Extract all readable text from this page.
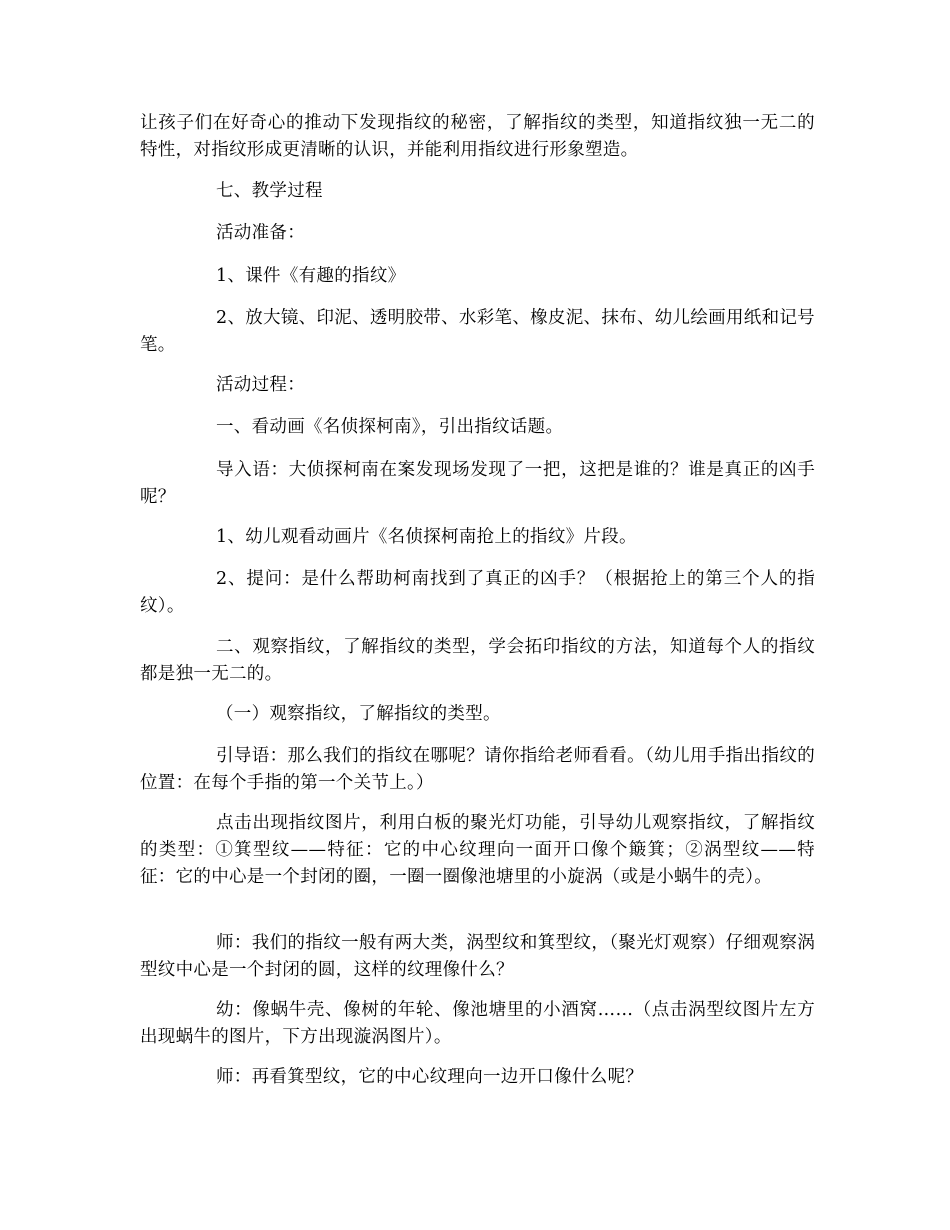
让孩子们在好奇心的推动下发现指纹的秘密，了解指纹的类型，知道指纹独一无二的特性，对指纹形成更清晰的认识，并能利用指纹进行形象塑造。

七、教学过程

活动准备：

1、课件《有趣的指纹》

2、放大镜、印泥、透明胶带、水彩笔、橡皮泥、抹布、幼儿绘画用纸和记号笔。

活动过程：

一、看动画《名侦探柯南》，引出指纹话题。

导入语：大侦探柯南在案发现场发现了一把，这把是谁的？谁是真正的凶手呢？

1、幼儿观看动画片《名侦探柯南抢上的指纹》片段。

2、提问：是什么帮助柯南找到了真正的凶手？（根据抢上的第三个人的指纹）。

二、观察指纹，了解指纹的类型，学会拓印指纹的方法，知道每个人的指纹都是独一无二的。

（一）观察指纹，了解指纹的类型。

引导语：那么我们的指纹在哪呢？请你指给老师看看。（幼儿用手指出指纹的位置：在每个手指的第一个关节上。）

点击出现指纹图片，利用白板的聚光灯功能，引导幼儿观察指纹，了解指纹的类型：①箕型纹——特征：它的中心纹理向一面开口像个簸箕；②涡型纹——特征：它的中心是一个封闭的圈，一圈一圈像池塘里的小旋涡（或是小蜗牛的壳）。

师：我们的指纹一般有两大类，涡型纹和箕型纹，（聚光灯观察）仔细观察涡型纹中心是一个封闭的圆，这样的纹理像什么？

幼：像蜗牛壳、像树的年轮、像池塘里的小酒窝……（点击涡型纹图片左方出现蜗牛的图片，下方出现漩涡图片）。

师：再看箕型纹，它的中心纹理向一边开口像什么呢？
